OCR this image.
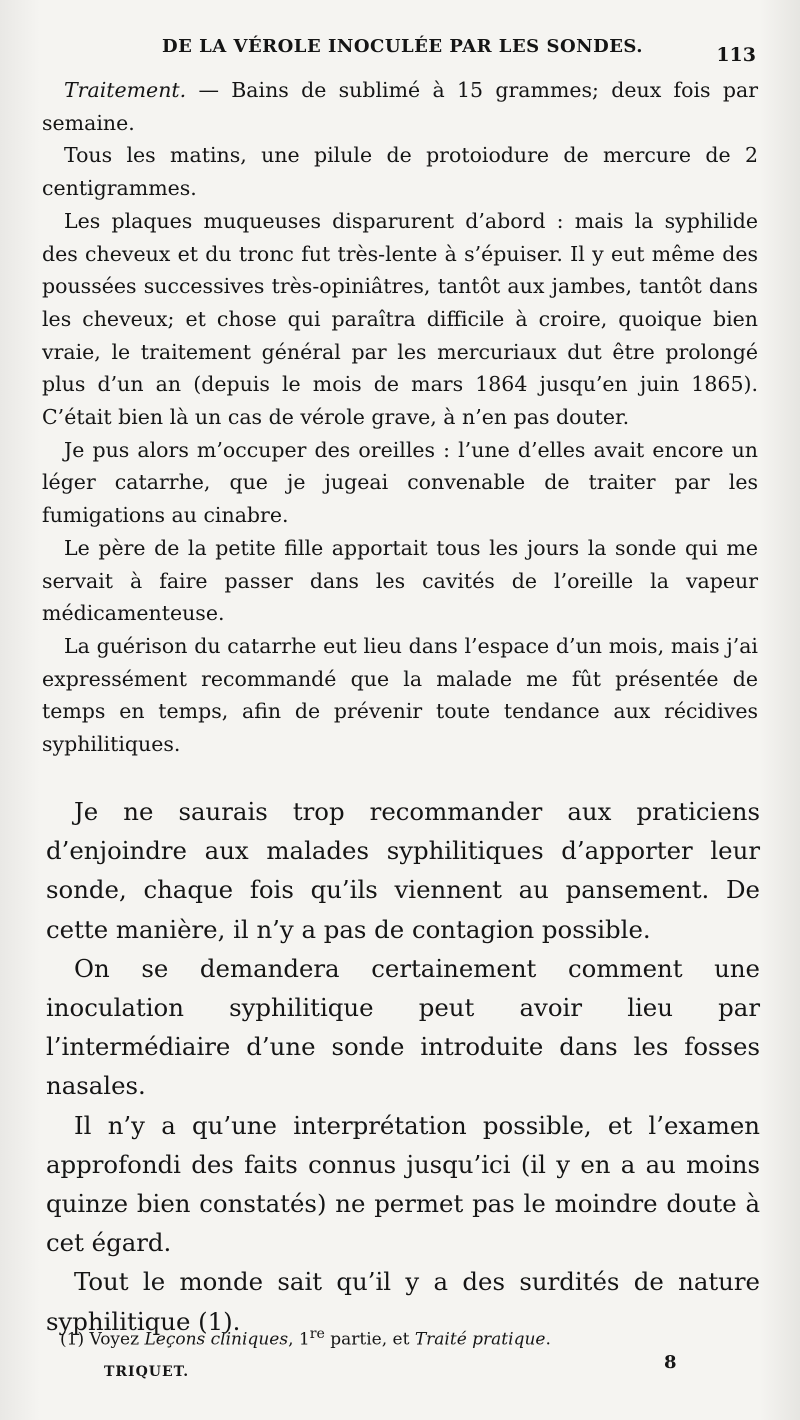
DE LA VÉROLE INOCULÉE PAR LES SONDES.	113

Traitement. — Bains de sublimé à 15 grammes; deux fois par semaine.

Tous les matins, une pilule de protoiodure de mercure de 2 centigrammes.

Les plaques muqueuses disparurent d’abord : mais la syphilide des cheveux et du tronc fut très-lente à s’épuiser. Il y eut même des poussées successives très-opiniâtres, tantôt aux jambes, tantôt dans les cheveux; et chose qui paraîtra difficile à croire, quoique bien vraie, le traitement général par les mercuriaux dut être prolongé plus d’un an (depuis le mois de mars 1864 jusqu’en juin 1865). C’était bien là un cas de vérole grave, à n’en pas douter.

Je pus alors m’occuper des oreilles : l’une d’elles avait encore un léger catarrhe, que je jugeai convenable de traiter par les fumigations au cinabre.

Le père de la petite fille apportait tous les jours la sonde qui me servait à faire passer dans les cavités de l’oreille la vapeur médicamenteuse.

La guérison du catarrhe eut lieu dans l’espace d’un mois, mais j’ai expressément recommandé que la malade me fût présentée de temps en temps, afin de prévenir toute tendance aux récidives syphilitiques.

Je ne saurais trop recommander aux praticiens d’enjoindre aux malades syphilitiques d’apporter leur sonde, chaque fois qu’ils viennent au pansement. De cette manière, il n’y a pas de contagion possible.

On se demandera certainement comment une inoculation syphilitique peut avoir lieu par l’intermédiaire d’une sonde introduite dans les fosses nasales.

Il n’y a qu’une interprétation possible, et l’examen approfondi des faits connus jusqu’ici (il y en a au moins quinze bien constatés) ne permet pas le moindre doute à cet égard.

Tout le monde sait qu’il y a des surdités de nature syphilitique (1).

(1) Voyez Leçons cliniques, 1re partie, et Traité pratique.
TRIQUET.	8
